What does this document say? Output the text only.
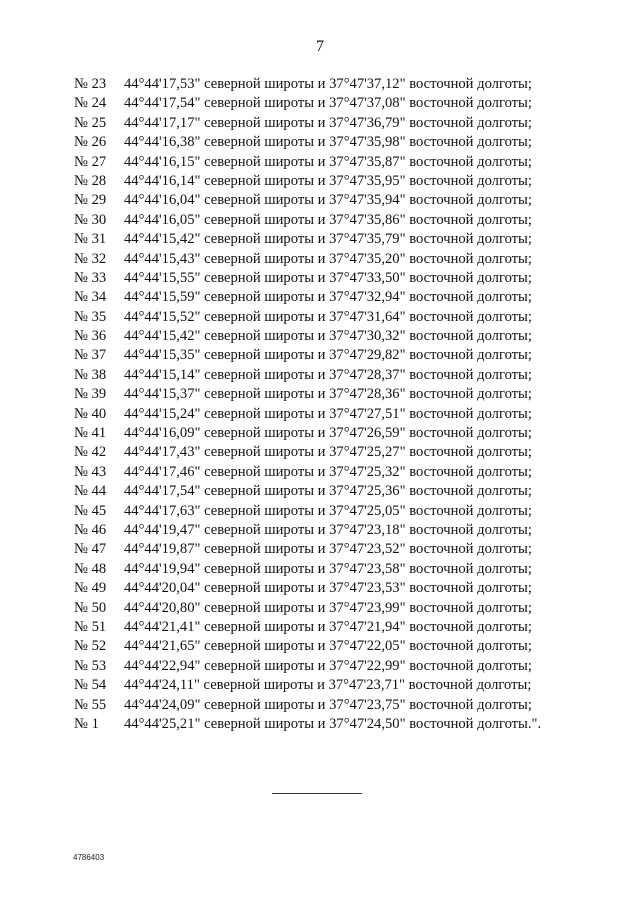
7
№ 23	44°44'17,53" северной широты и 37°47'37,12" восточной долготы;
№ 24	44°44'17,54" северной широты и 37°47'37,08" восточной долготы;
№ 25	44°44'17,17" северной широты и 37°47'36,79" восточной долготы;
№ 26	44°44'16,38" северной широты и 37°47'35,98" восточной долготы;
№ 27	44°44'16,15" северной широты и 37°47'35,87" восточной долготы;
№ 28	44°44'16,14" северной широты и 37°47'35,95" восточной долготы;
№ 29	44°44'16,04" северной широты и 37°47'35,94" восточной долготы;
№ 30	44°44'16,05" северной широты и 37°47'35,86" восточной долготы;
№ 31	44°44'15,42" северной широты и 37°47'35,79" восточной долготы;
№ 32	44°44'15,43" северной широты и 37°47'35,20" восточной долготы;
№ 33	44°44'15,55" северной широты и 37°47'33,50" восточной долготы;
№ 34	44°44'15,59" северной широты и 37°47'32,94" восточной долготы;
№ 35	44°44'15,52" северной широты и 37°47'31,64" восточной долготы;
№ 36	44°44'15,42" северной широты и 37°47'30,32" восточной долготы;
№ 37	44°44'15,35" северной широты и 37°47'29,82" восточной долготы;
№ 38	44°44'15,14" северной широты и 37°47'28,37" восточной долготы;
№ 39	44°44'15,37" северной широты и 37°47'28,36" восточной долготы;
№ 40	44°44'15,24" северной широты и 37°47'27,51" восточной долготы;
№ 41	44°44'16,09" северной широты и 37°47'26,59" восточной долготы;
№ 42	44°44'17,43" северной широты и 37°47'25,27" восточной долготы;
№ 43	44°44'17,46" северной широты и 37°47'25,32" восточной долготы;
№ 44	44°44'17,54" северной широты и 37°47'25,36" восточной долготы;
№ 45	44°44'17,63" северной широты и 37°47'25,05" восточной долготы;
№ 46	44°44'19,47" северной широты и 37°47'23,18" восточной долготы;
№ 47	44°44'19,87" северной широты и 37°47'23,52" восточной долготы;
№ 48	44°44'19,94" северной широты и 37°47'23,58" восточной долготы;
№ 49	44°44'20,04" северной широты и 37°47'23,53" восточной долготы;
№ 50	44°44'20,80" северной широты и 37°47'23,99" восточной долготы;
№ 51	44°44'21,41" северной широты и 37°47'21,94" восточной долготы;
№ 52	44°44'21,65" северной широты и 37°47'22,05" восточной долготы;
№ 53	44°44'22,94" северной широты и 37°47'22,99" восточной долготы;
№ 54	44°44'24,11" северной широты и 37°47'23,71" восточной долготы;
№ 55	44°44'24,09" северной широты и 37°47'23,75" восточной долготы;
№ 1	44°44'25,21" северной широты и 37°47'24,50" восточной долготы.".
4786403
